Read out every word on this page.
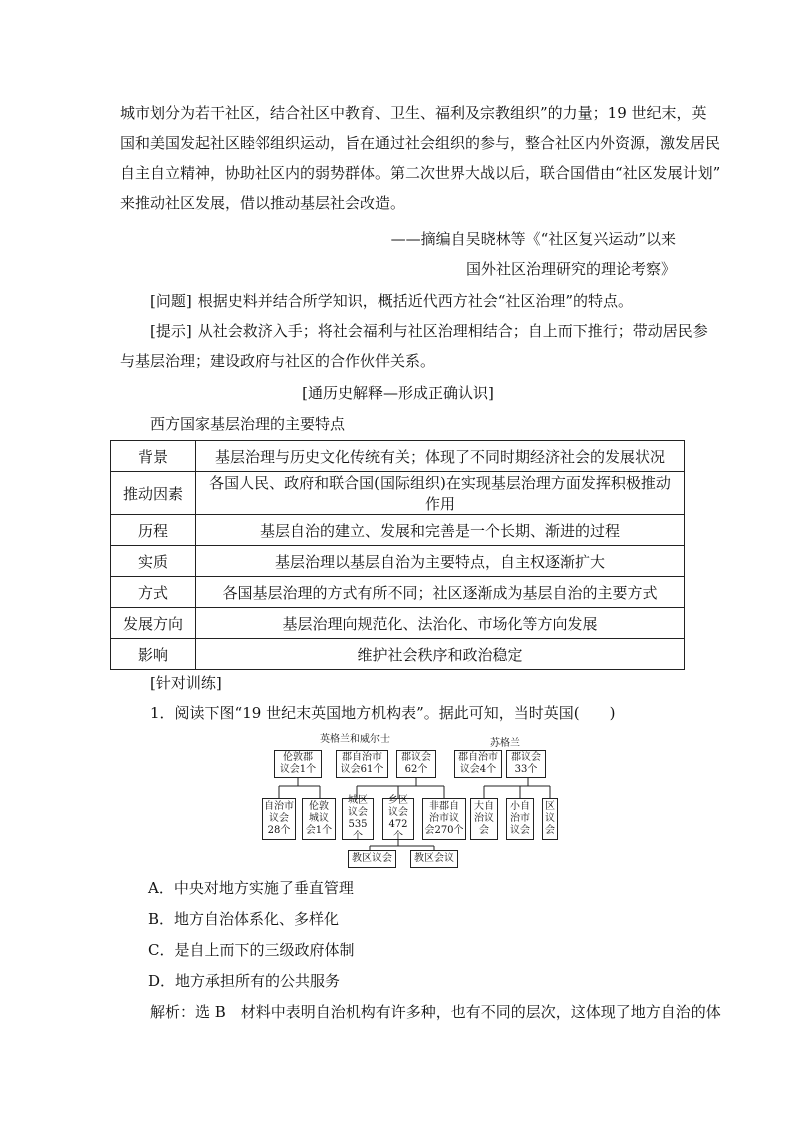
城市划分为若干社区，结合社区中教育、卫生、福利及宗教组织”的力量；19 世纪末，英
国和美国发起社区睦邻组织运动，旨在通过社会组织的参与，整合社区内外资源，激发居民
自主自立精神，协助社区内的弱势群体。第二次世界大战以后，联合国借由“社区发展计划”
来推动社区发展，借以推动基层社会改造。
——摘编自吴晓林等《“社区复兴运动”以来
国外社区治理研究的理论考察》
[问题] 根据史料并结合所学知识，概括近代西方社会“社区治理”的特点。
[提示] 从社会救济入手；将社会福利与社区治理相结合；自上而下推行；带动居民参
与基层治理；建设政府与社区的合作伙伴关系。
[通历史解释—形成正确认识]
西方国家基层治理的主要特点
背景	基层治理与历史文化传统有关；体现了不同时期经济社会的发展状况
推动因素	各国人民、政府和联合国(国际组织)在实现基层治理方面发挥积极推动作用
历程	基层自治的建立、发展和完善是一个长期、渐进的过程
实质	基层治理以基层自治为主要特点，自主权逐渐扩大
方式	各国基层治理的方式有所不同；社区逐渐成为基层自治的主要方式
发展方向	基层治理向规范化、法治化、市场化等方向发展
影响	维护社会秩序和政治稳定
[针对训练]
1．阅读下图“19 世纪末英国地方机构表”。据此可知，当时英国(　　)
英格兰和威尔士	苏格兰
伦敦郡
议会1个
郡自治市
议会61个
郡议会
62个
郡自治市
议会4个
郡议会
33个
自治市
议会
28个
伦敦
城议
会1个
城区
议会
535个
乡区
议会
472个
非郡自
治市议
会270个
大自
治议
会
小自
治市
议会
区
议
会
教区议会 教区会议

A．中央对地方实施了垂直管理

B．地方自治体系化、多样化

C．是自上而下的三级政府体制

D．地方承担所有的公共服务

解析：选 B　材料中表明自治机构有许多种，也有不同的层次，这体现了地方自治的体
